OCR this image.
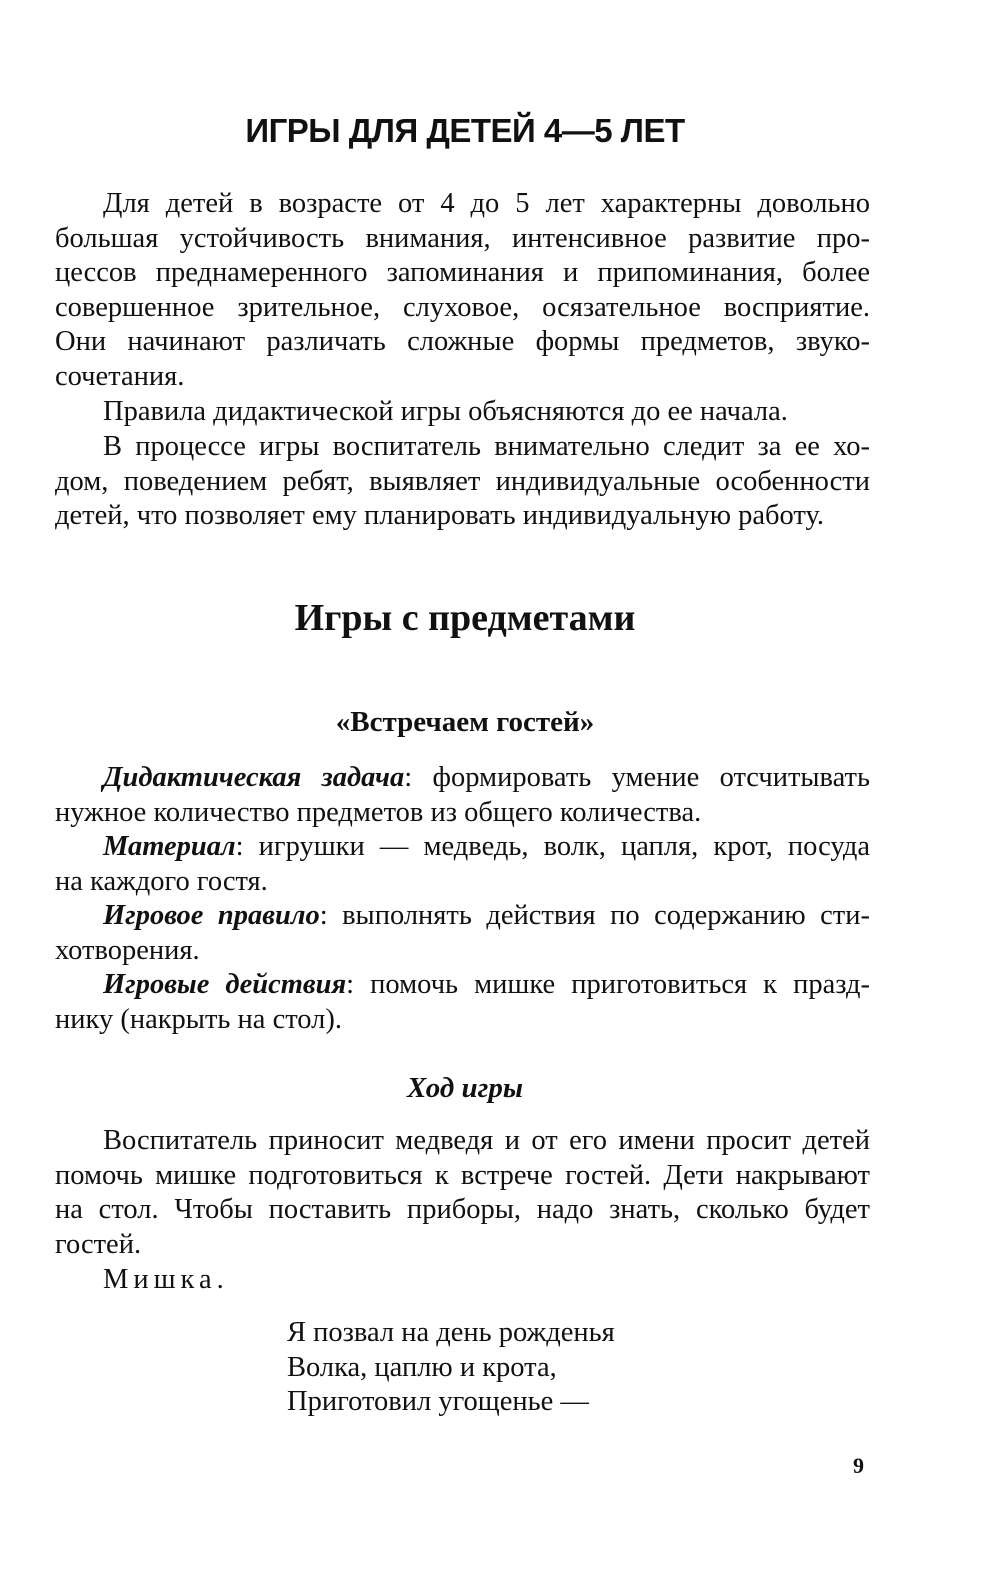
ИГРЫ ДЛЯ ДЕТЕЙ 4—5 ЛЕТ
Для детей в возрасте от 4 до 5 лет характерны довольно
большая устойчивость внимания, интенсивное развитие про-
цессов преднамеренного запоминания и припоминания, более
совершенное зрительное, слуховое, осязательное восприятие.
Они начинают различать сложные формы предметов, звуко-
сочетания.
Правила дидактической игры объясняются до ее начала.
В процессе игры воспитатель внимательно следит за ее хо-
дом, поведением ребят, выявляет индивидуальные особенности
детей, что позволяет ему планировать индивидуальную работу.
Игры с предметами
«Встречаем гостей»
Дидактическая задача: формировать умение отсчитывать
нужное количество предметов из общего количества.
Материал: игрушки — медведь, волк, цапля, крот, посуда
на каждого гостя.
Игровое правило: выполнять действия по содержанию сти-
хотворения.
Игровые действия: помочь мишке приготовиться к празд-
нику (накрыть на стол).
Ход игры
Воспитатель приносит медведя и от его имени просит детей
помочь мишке подготовиться к встрече гостей. Дети накрывают
на стол. Чтобы поставить приборы, надо знать, сколько будет
гостей.
Мишка.
Я позвал на день рожденья
Волка, цаплю и крота,
Приготовил угощенье —
9
